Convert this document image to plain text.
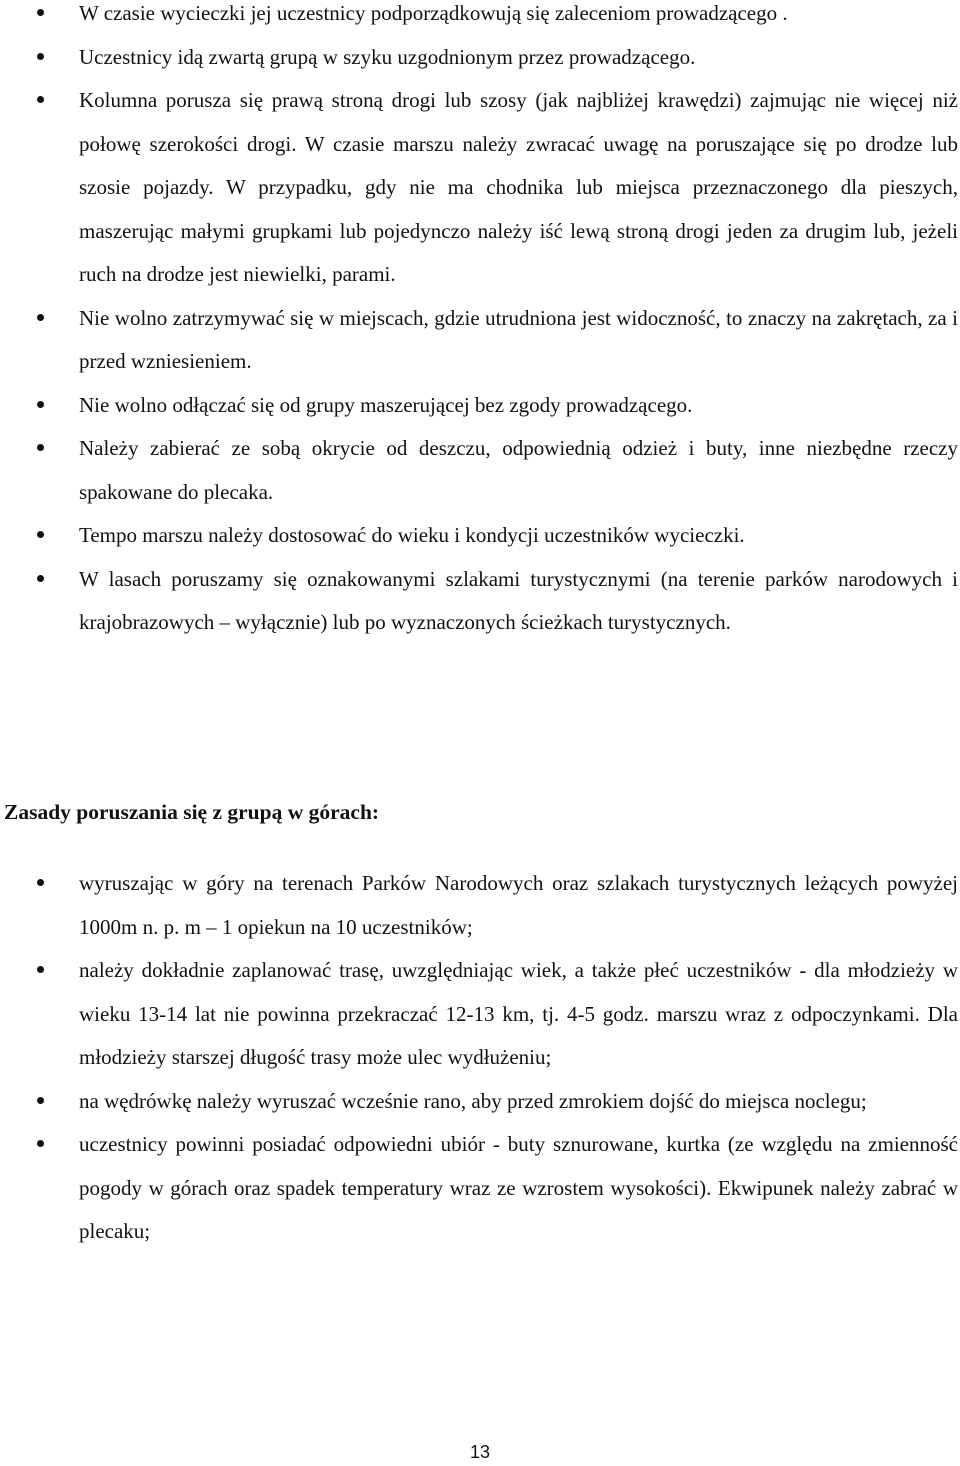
W czasie wycieczki jej uczestnicy podporządkowują się zaleceniom prowadzącego .
Uczestnicy idą zwartą grupą w szyku uzgodnionym przez prowadzącego.
Kolumna porusza się prawą stroną drogi lub szosy (jak najbliżej krawędzi) zajmując nie więcej niż połowę szerokości drogi. W czasie marszu należy zwracać uwagę na poruszające się po drodze lub szosie pojazdy. W przypadku, gdy nie ma chodnika lub miejsca przeznaczonego dla pieszych, maszerując małymi grupkami lub pojedynczo należy iść lewą stroną drogi jeden za drugim lub, jeżeli ruch na drodze jest niewielki, parami.
Nie wolno zatrzymywać się w miejscach, gdzie utrudniona jest widoczność, to znaczy na zakrętach, za i przed wzniesieniem.
Nie wolno odłączać się od grupy maszerującej bez zgody prowadzącego.
Należy zabierać ze sobą okrycie od deszczu, odpowiednią odzież i buty, inne niezbędne rzeczy spakowane do plecaka.
Tempo marszu należy dostosować do wieku i kondycji uczestników wycieczki.
W lasach poruszamy się oznakowanymi szlakami turystycznymi (na terenie parków narodowych i krajobrazowych – wyłącznie) lub po wyznaczonych ścieżkach turystycznych.
Zasady poruszania się z grupą w górach:
wyruszając w góry na terenach Parków Narodowych oraz szlakach turystycznych leżących powyżej 1000m n. p. m – 1 opiekun na 10 uczestników;
należy dokładnie zaplanować trasę, uwzględniając wiek, a także płeć uczestników - dla młodzieży w wieku 13-14 lat nie powinna przekraczać 12-13 km, tj. 4-5 godz. marszu wraz z odpoczynkami. Dla młodzieży starszej długość trasy może ulec wydłużeniu;
na wędrówkę należy wyruszać wcześnie rano, aby przed zmrokiem dojść do miejsca noclegu;
uczestnicy powinni posiadać odpowiedni ubiór - buty sznurowane, kurtka (ze względu na zmienność pogody w górach oraz spadek temperatury wraz ze wzrostem wysokości). Ekwipunek należy zabrać w plecaku;
13
